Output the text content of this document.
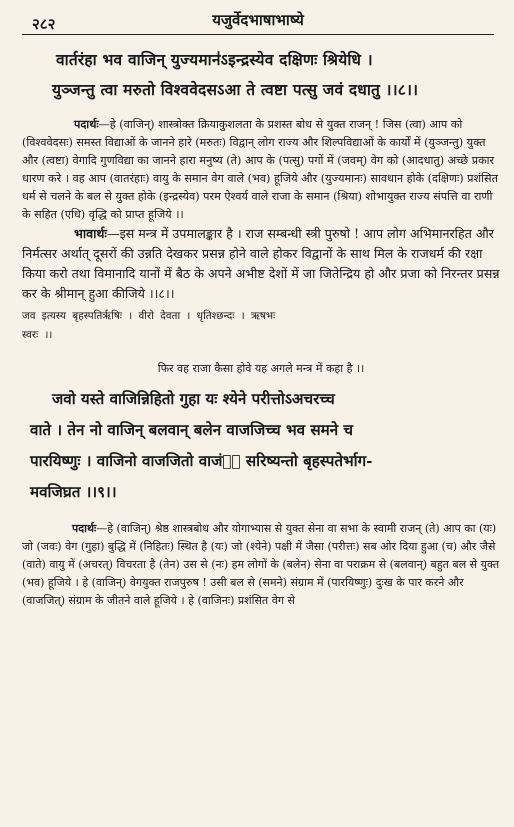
२८२	यजुर्वेदभाषाभाष्ये

वार्तरंहा भव वाजिन् युज्यमान॑ऽइन्द्रस्येव दक्षिणः श्रियेधि ।

युञ्जन्तु त्वा मरुतो विश्ववेदसऽआ ते त्वष्टा पत्सु जवं दधातु ।।८।।

पदार्थः—हे (वाजिन्) शास्त्रोक्त क्रियाकुशलता के प्रशस्त बोध से युक्त राजन् ! जिस (त्वा) आप को (विश्ववेदसः) समस्त विद्याओं के जानने हारे (मरुतः) विद्वान् लोग राज्य और शिल्पविद्याओं के कार्यों में (युञ्जन्तु) युक्त और (त्वष्टा) वेगादि गुणविद्या का जानने हारा मनुष्य (ते) आप के (पत्सु) पगों में (जवम्) वेग को (आदधातु) अच्छे प्रकार धारण करे । वह आप (वातरंहाः) वायु के समान वेग वाले (भव) हूजिये और (युज्यमानः) सावधान होके (दक्षिणः) प्रशंसित धर्म से चलने के बल से युक्त होके (इन्द्रस्येव) परम ऐश्वर्य वाले राजा के समान (श्रिया) शोभायुक्त राज्य संपत्ति वा राणी के सहित (एधि) वृद्धि को प्राप्त हूजिये ।।

भावार्थः—इस मन्त्र में उपमालङ्कार है । राज सम्बन्धी स्त्री पुरुषो ! आप लोग अभिमानरहित और निर्मत्सर अर्थात् दूसरों की उन्नति देखकर प्रसन्न होने वाले होकर विद्वानों के साथ मिल के राजधर्म की रक्षा किया करो तथा विमानादि यानों में बैठ के अपने अभीष्ट देशों में जा जितेन्द्रिय हो और प्रजा को निरन्तर प्रसन्न कर के श्रीमान् हुआ कीजिये ।।८।।

जव इत्यस्य बृहस्पतिर्ऋषिः । वीरो देवता । धृतिश्छन्दः । ऋषभः
स्वरः ।।

फिर वह राजा कैसा होवे यह अगले मन्त्र में कहा है ।।

जवो यस्ते वाजिन्निहितो गुहा यः श्येने परीत्तोऽअचरच्च

वाते । तेन नो वाजिन् बलवान् बलेन वाजजिच्च भव समने च

पारयिष्णुः । वाजिनो वाजजितो वाजंᳫं सरिष्यन्तो बृहस्पतेर्भाग-

मवजिघ्रत ।।९।।

पदार्थः—हे (वाजिन्) श्रेष्ठ शास्त्रबोध और योगाभ्यास से युक्त सेना वा सभा के स्वामी राजन् (ते) आप का (यः) जो (जवः) वेग (गुहा) बुद्धि में (निहितः) स्थित है (यः) जो (श्येने) पक्षी में जैसा (परीत्तः) सब ओर दिया हुआ (च) और जैसे (वाते) वायु में (अचरत्) विचरता है (तेन) उस से (नः) हम लोगों के (बलेन) सेना वा पराक्रम से (बलवान्) बहुत बल से युक्त (भव) हूजिये । हे (वाजिन्) वेगयुक्त राजपुरुष ! उसी बल से (समने) संग्राम में (पारयिष्णुः) दुःख के पार करने और (वाजजित्) संग्राम के जीतने वाले हूजिये । हे (वाजिनः) प्रशंसित वेग से
